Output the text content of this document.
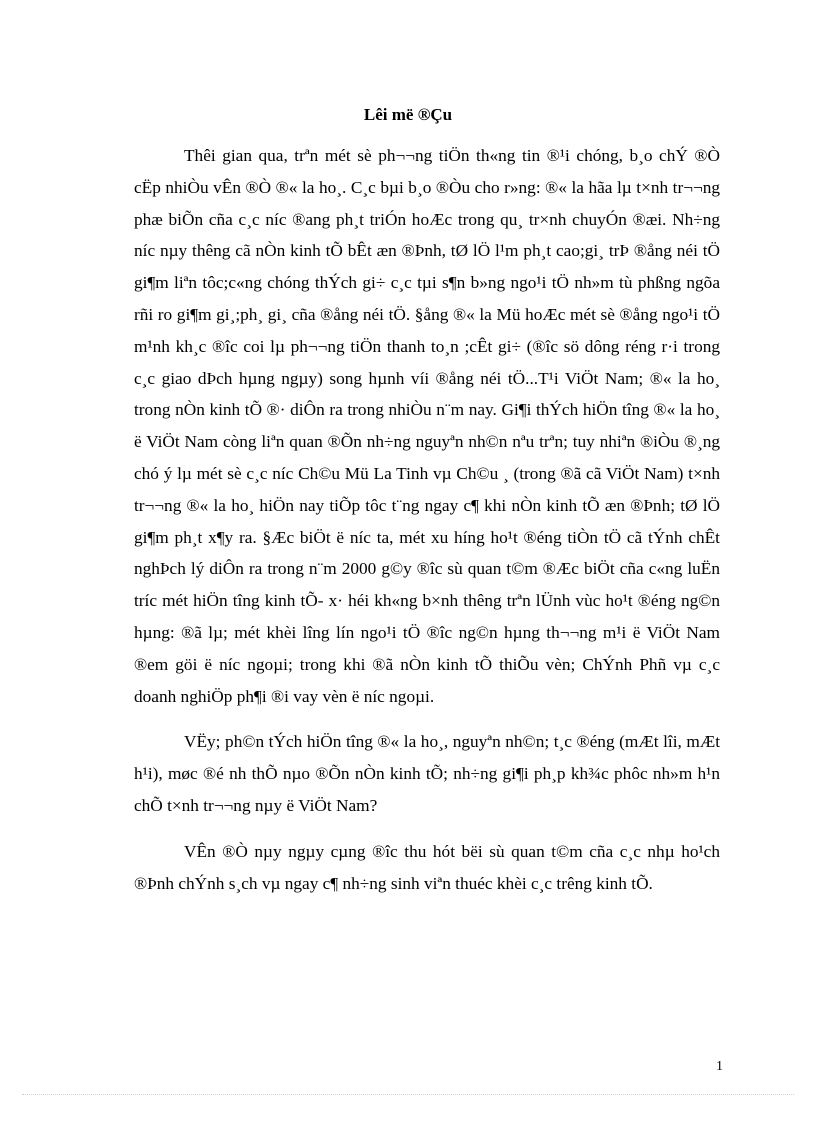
Lêi më ®Çu

Thêi gian qua, trªn mét sè ph¬¬ng tiÖn th«ng tin ®¹i chóng, b¸o chÝ ®Ò cËp nhiÒu vÊn ®Ò ®« la ho¸. C¸c bµi b¸o ®Òu cho r»ng: ®« la hãa lµ t×nh tr¬¬ng phæ biÕn cña c¸c níc ®ang ph¸t triÓn hoÆc trong qu¸ tr×nh chuyÓn ®æi. Nh÷ng níc nµy thêng cã nÒn kinh tÕ bÊt æn ®Þnh, tØ lÖ l¹m ph¸t cao;gi¸ trÞ ®ång néi tÖ gi¶m liªn tôc;c«ng chóng thÝch gi÷ c¸c tµi s¶n b»ng ngo¹i tÖ nh»m tù phßng ngõa rñi ro gi¶m gi¸;ph¸ gi¸ cña ®ång néi tÖ. §ång ®« la Mü hoÆc mét sè ®ång ngo¹i tÖ m¹nh kh¸c ®îc coi lµ ph¬¬ng tiÖn thanh to¸n ;cÊt gi÷ (®îc sö dông réng r·i trong c¸c giao dÞch hµng ngµy) song hµnh víi ®ång néi tÖ...T¹i ViÖt Nam; ®« la ho¸ trong nÒn kinh tÕ ®· diÔn ra trong nhiÒu n¨m nay. Gi¶i thÝch hiÖn tîng ®« la ho¸ ë ViÖt Nam còng liªn quan ®Õn nh÷ng nguyªn nh©n nªu trªn; tuy nhiªn ®iÒu ®¸ng chó ý lµ mét sè c¸c níc Ch©u Mü La Tinh vµ Ch©u ¸ (trong ®ã cã ViÖt Nam) t×nh tr¬¬ng ®« la ho¸ hiÖn nay tiÕp tôc t¨ng ngay c¶ khi nÒn kinh tÕ æn ®Þnh; tØ lÖ gi¶m ph¸t x¶y ra. §Æc biÖt ë níc ta, mét xu híng ho¹t ®éng tiÒn tÖ cã tÝnh chÊt nghÞch lý diÔn ra trong n¨m 2000 g©y ®îc sù quan t©m ®Æc biÖt cña c«ng luËn tríc mét hiÖn tîng kinh tÕ- x· héi kh«ng b×nh thêng trªn lÜnh vùc ho¹t ®éng ng©n hµng: ®ã lµ; mét khèi lîng lín ngo¹i tÖ ®îc ng©n hµng th¬¬ng m¹i ë ViÖt Nam ®em göi ë níc ngoµi; trong khi ®ã nÒn kinh tÕ thiÕu vèn; ChÝnh Phñ vµ c¸c doanh nghiÖp ph¶i ®i vay vèn ë níc ngoµi.

VËy; ph©n tÝch hiÖn tîng ®« la ho¸, nguyªn nh©n; t¸c ®éng (mÆt lîi, mÆt h¹i), møc ®é nh thÕ nµo ®Õn nÒn kinh tÕ; nh÷ng gi¶i ph¸p kh¾c phôc nh»m h¹n chÕ t×nh tr¬¬ng nµy ë ViÖt Nam?

VÊn ®Ò nµy ngµy cµng ®îc thu hót bëi sù quan t©m cña c¸c nhµ ho¹ch ®Þnh chÝnh s¸ch vµ ngay c¶ nh÷ng sinh viªn thuéc khèi c¸c trêng kinh tÕ.

1
